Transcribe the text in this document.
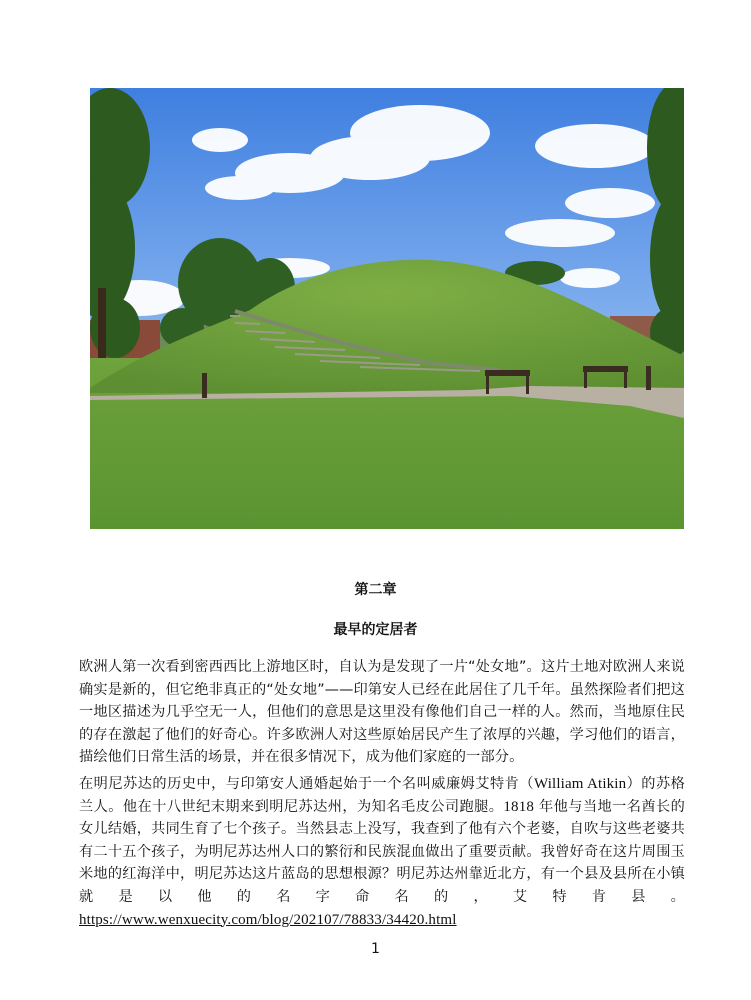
第二章
最早的定居者

欧洲人第一次看到密西西比上游地区时，自认为是发现了一片“处女地”。这片土地对欧洲人来说确实是新的，但它绝非真正的“处女地”——印第安人已经在此居住了几千年。虽然探险者们把这一地区描述为几乎空无一人，但他们的意思是这里没有像他们自己一样的人。然而，当地原住民的存在激起了他们的好奇心。许多欧洲人对这些原始居民产生了浓厚的兴趣，学习他们的语言，描绘他们日常生活的场景，并在很多情况下，成为他们家庭的一部分。

在明尼苏达的历史中，与印第安人通婚起始于一个名叫威廉姆艾特肯（William Atikin）的苏格兰人。他在十八世纪末期来到明尼苏达州，为知名毛皮公司跑腿。1818 年他与当地一名酋长的女儿结婚，共同生育了七个孩子。当然县志上没写，我查到了他有六个老婆，自吹与这些老婆共有二十五个孩子，为明尼苏达州人口的繁衍和民族混血做出了重要贡献。我曾好奇在这片周围玉米地的红海洋中，明尼苏达这片蓝岛的思想根源？明尼苏达州靠近北方，有一个县及县所在小镇就是以他的名字命名的，艾特肯县。https://www.wenxuecity.com/blog/202107/78833/34420.html

1
